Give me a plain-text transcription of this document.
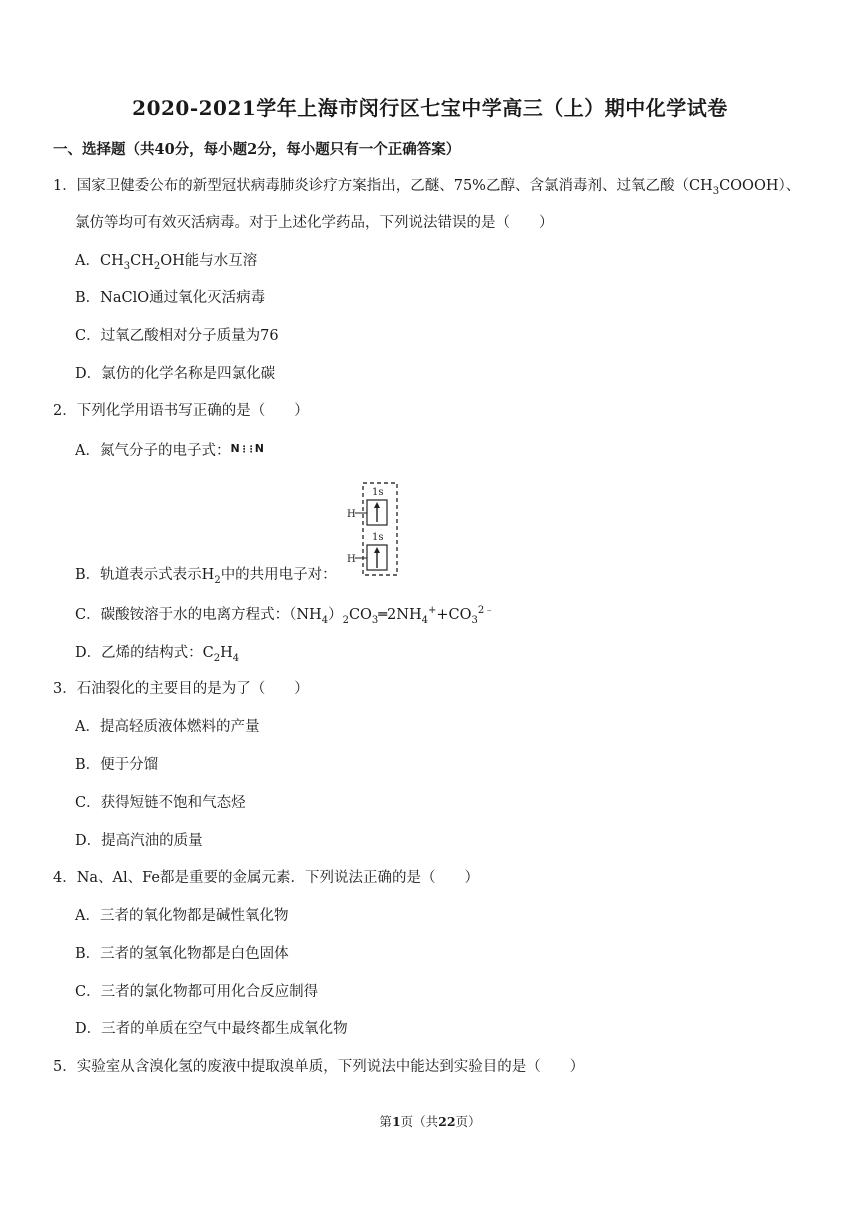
2020-2021学年上海市闵行区七宝中学高三（上）期中化学试卷
一、选择题（共40分，每小题2分，每小题只有一个正确答案）
1．国家卫健委公布的新型冠状病毒肺炎诊疗方案指出，乙醚、75%乙醇、含氯消毒剂、过氧乙酸$(CH_3COOOH)$、
氯仿等均可有效灭活病毒。对于上述化学药品，下列说法错误的是（　　）
A．$CH_3CH_2OH$能与水互溶
B．NaClO通过氧化灭活病毒
C．过氧乙酸相对分子质量为76
D．氯仿的化学名称是四氯化碳
2．下列化学用语书写正确的是（　　）
A．氮气分子的电子式：N⋮⋮N
1s
H
1s
H
B．轨道表示式表示$H_2$中的共用电子对：
C．碳酸铵溶于水的电离方程式：$(NH_4)_2CO_3═2NH_4^++CO_3^{2﹣}$
D．乙烯的结构式：$C_2H_4$
3．石油裂化的主要目的是为了（　　）
A．提高轻质液体燃料的产量
B．便于分馏
C．获得短链不饱和气态烃
D．提高汽油的质量
4．Na、Al、Fe都是重要的金属元素．下列说法正确的是（　　）
A．三者的氧化物都是碱性氧化物
B．三者的氢氧化物都是白色固体
C．三者的氯化物都可用化合反应制得
D．三者的单质在空气中最终都生成氧化物
5．实验室从含溴化氢的废液中提取溴单质，下列说法中能达到实验目的是（　　）
第1页（共22页）
